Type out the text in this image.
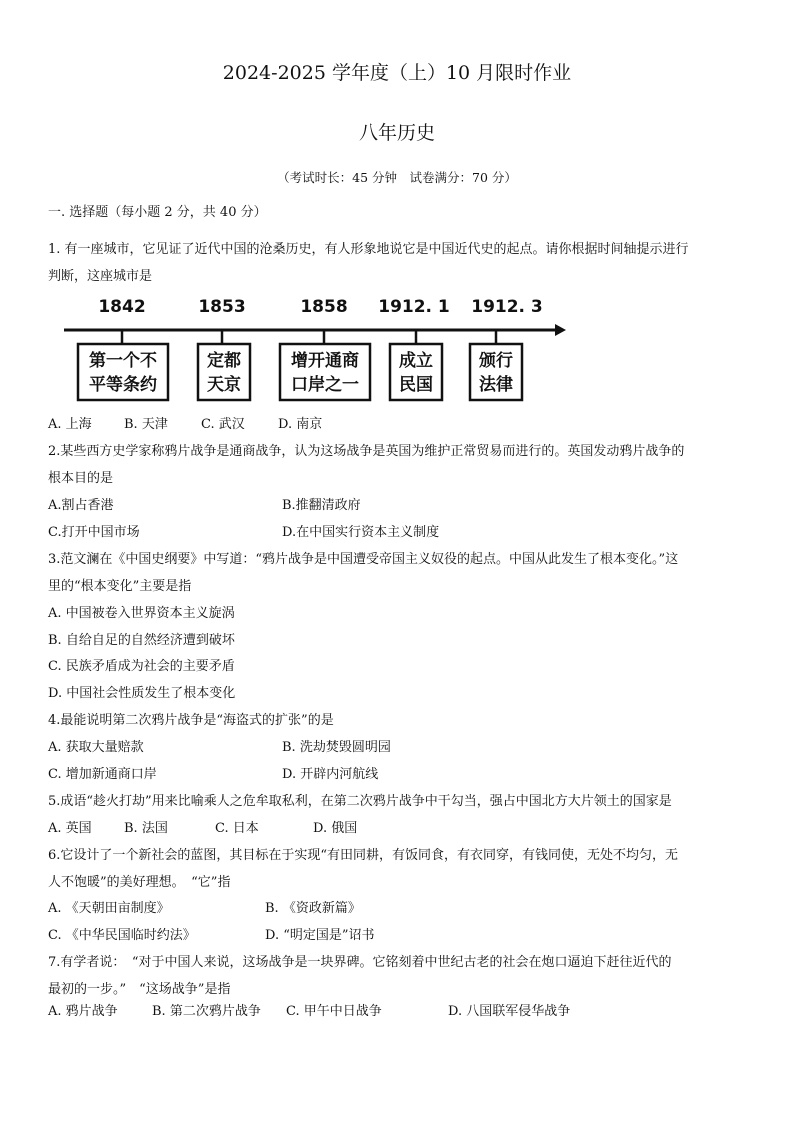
2024-2025 学年度（上）10 月限时作业
八年历史
（考试时长：45 分钟　试卷满分：70 分）
一. 选择题（每小题 2 分，共 40 分）
1. 有一座城市，它见证了近代中国的沧桑历史，有人形象地说它是中国近代史的起点。请你根据时间轴提示进行
判断，这座城市是
1842	1853	1858 1912. 1 1912. 3
第一个不
平等条约
定都
天京
增开通商
口岸之一
成立
民国
颁行
法律
A. 上海 B. 天津	C. 武汉	D. 南京
2.某些西方史学家称鸦片战争是通商战争，认为这场战争是英国为维护正常贸易而进行的。英国发动鸦片战争的
根本目的是
A.割占香港	B.推翻清政府
C.打开中国市场	D.在中国实行资本主义制度
3.范文澜在《中国史纲要》中写道：“鸦片战争是中国遭受帝国主义奴役的起点。中国从此发生了根本变化。”这
里的“根本变化”主要是指
A. 中国被卷入世界资本主义旋涡
B. 自给自足的自然经济遭到破坏
C. 民族矛盾成为社会的主要矛盾
D. 中国社会性质发生了根本变化
4.最能说明第二次鸦片战争是“海盗式的扩张”的是
A. 获取大量赔款	B. 洗劫焚毁圆明园
C. 增加新通商口岸	D. 开辟内河航线
5.成语“趁火打劫”用来比喻乘人之危牟取私利，在第二次鸦片战争中干勾当，强占中国北方大片领土的国家是
A. 英国 B. 法国	C. 日本	D. 俄国
6.它设计了一个新社会的蓝图，其目标在于实现“有田同耕，有饭同食，有衣同穿，有钱同使，无处不均匀，无
人不饱暖”的美好理想。　“它”指
A. 《天朝田亩制度》	B. 《资政新篇》
C. 《中华民国临时约法》	D. “明定国是”诏书
7.有学者说：　“对于中国人来说，这场战争是一块界碑。它铭刻着中世纪古老的社会在炮口逼迫下赶往近代的
最初的一步。”　“这场战争”是指
A. 鸦片战争	B. 第二次鸦片战争 C. 甲午中日战争	D. 八国联军侵华战争
